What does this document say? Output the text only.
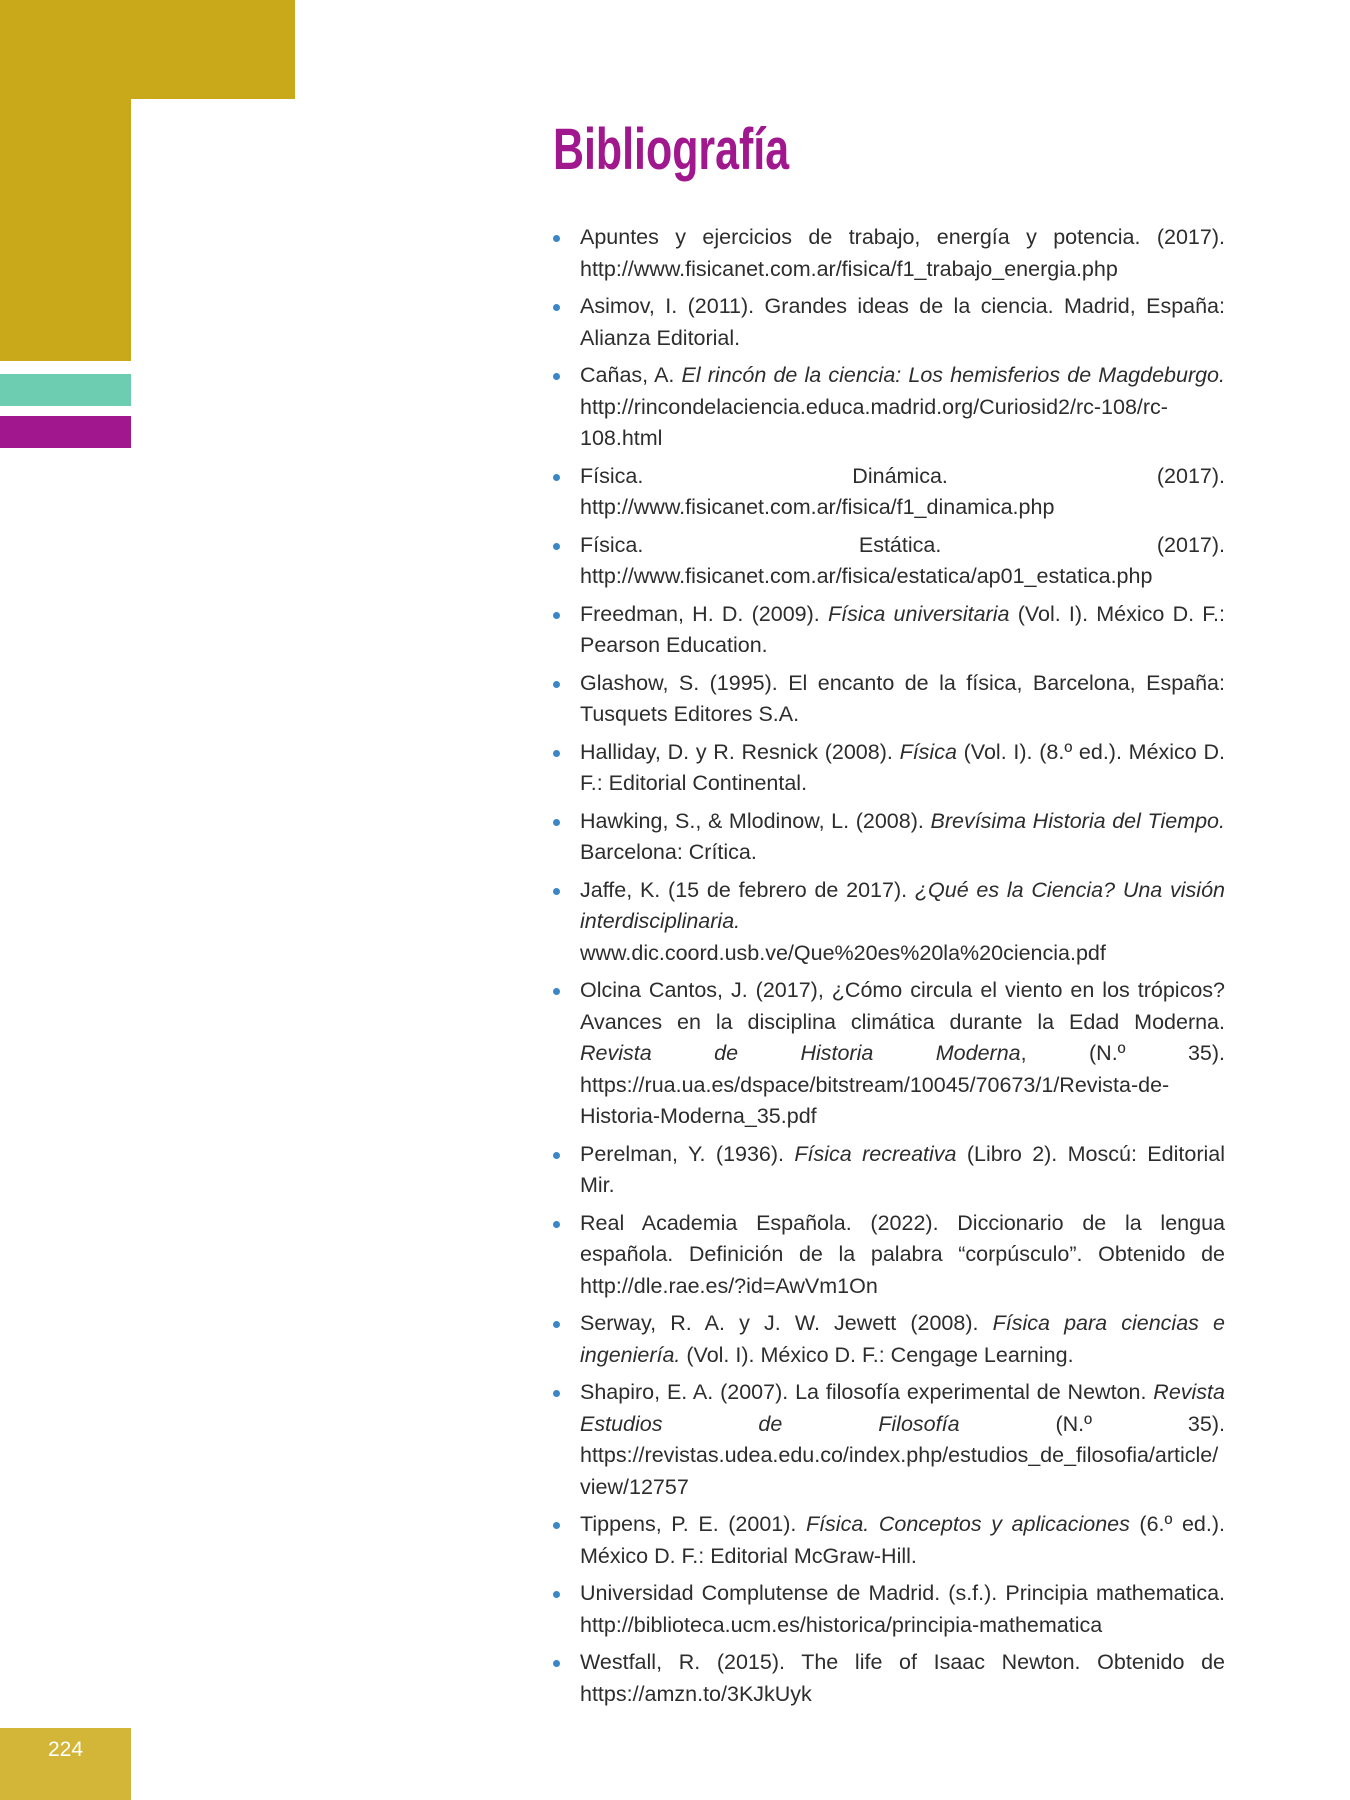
224
Bibliografía
Apuntes y ejercicios de trabajo, energía y potencia. (2017). http://www.fisicanet.com.ar/fisica/f1_trabajo_energia.php
Asimov, I. (2011). Grandes ideas de la ciencia. Madrid, España: Alianza Editorial.
Cañas, A. El rincón de la ciencia: Los hemisferios de Magdeburgo. http://rincondelaciencia.educa.madrid.org/Curiosid2/rc-108/rc-108.html
Física. Dinámica. (2017). http://www.fisicanet.com.ar/fisica/f1_dinamica.php
Física. Estática. (2017). http://www.fisicanet.com.ar/fisica/estatica/ap01_estatica.php
Freedman, H. D. (2009). Física universitaria (Vol. I). México D. F.: Pearson Education.
Glashow, S. (1995). El encanto de la física, Barcelona, España: Tusquets Editores S.A.
Halliday, D. y R. Resnick (2008). Física (Vol. I). (8.º ed.). México D. F.: Editorial Continental.
Hawking, S., & Mlodinow, L. (2008). Brevísima Historia del Tiempo. Barcelona: Crítica.
Jaffe, K. (15 de febrero de 2017). ¿Qué es la Ciencia? Una visión interdisciplinaria. www.dic.coord.usb.ve/Que%20es%20la%20ciencia.pdf
Olcina Cantos, J. (2017), ¿Cómo circula el viento en los trópicos? Avances en la disciplina climática durante la Edad Moderna. Revista de Historia Moderna, (N.º 35). https://rua.ua.es/dspace/bitstream/10045/70673/1/Revista-de-Historia-Moderna_35.pdf
Perelman, Y. (1936). Física recreativa (Libro 2). Moscú: Editorial Mir.
Real Academia Española. (2022). Diccionario de la lengua española. Definición de la palabra “corpúsculo”. Obtenido de http://dle.rae.es/?id=AwVm1On
Serway, R. A. y J. W. Jewett (2008). Física para ciencias e ingeniería. (Vol. I). México D. F.: Cengage Learning.
Shapiro, E. A. (2007). La filosofía experimental de Newton. Revista Estudios de Filosofía (N.º 35). https://revistas.udea.edu.co/index.php/estudios_de_filosofia/article/view/12757
Tippens, P. E. (2001). Física. Conceptos y aplicaciones (6.º ed.). México D. F.: Editorial McGraw-Hill.
Universidad Complutense de Madrid. (s.f.). Principia mathematica. http://biblioteca.ucm.es/historica/principia-mathematica
Westfall, R. (2015). The life of Isaac Newton. Obtenido de https://amzn.to/3KJkUyk
